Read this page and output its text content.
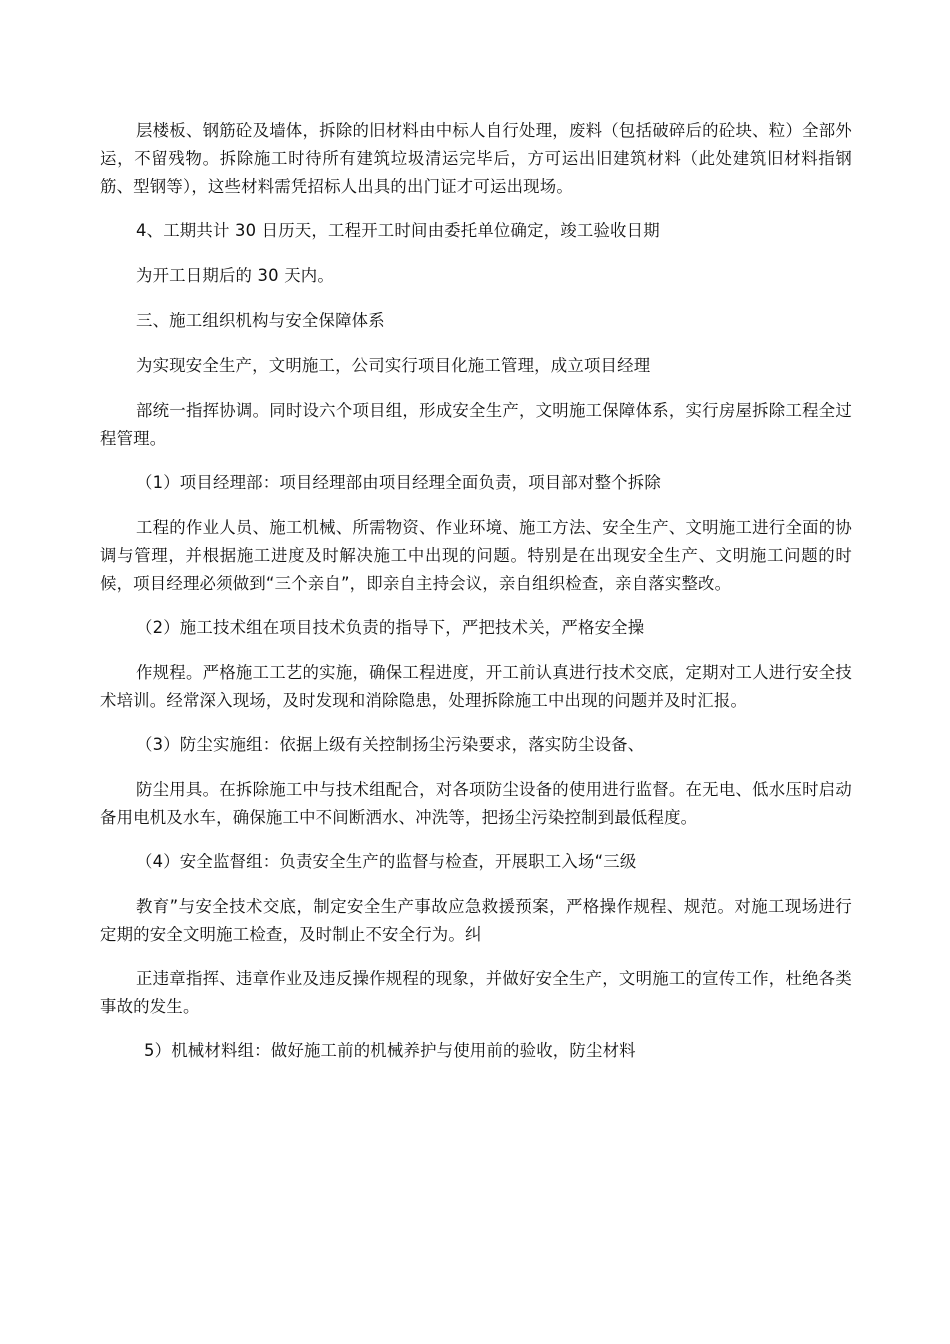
层楼板、钢筋砼及墙体，拆除的旧材料由中标人自行处理，废料（包括破碎后的砼块、粒）全部外运，不留残物。拆除施工时待所有建筑垃圾清运完毕后，方可运出旧建筑材料（此处建筑旧材料指钢筋、型钢等），这些材料需凭招标人出具的出门证才可运出现场。

4、工期共计 30 日历天，工程开工时间由委托单位确定，竣工验收日期

为开工日期后的 30 天内。

三、施工组织机构与安全保障体系

为实现安全生产，文明施工，公司实行项目化施工管理，成立项目经理

部统一指挥协调。同时设六个项目组，形成安全生产，文明施工保障体系，实行房屋拆除工程全过程管理。

（1）项目经理部：项目经理部由项目经理全面负责，项目部对整个拆除

工程的作业人员、施工机械、所需物资、作业环境、施工方法、安全生产、文明施工进行全面的协调与管理，并根据施工进度及时解决施工中出现的问题。特别是在出现安全生产、文明施工问题的时候，项目经理必须做到“三个亲自”，即亲自主持会议，亲自组织检查，亲自落实整改。

（2）施工技术组在项目技术负责的指导下，严把技术关，严格安全操

作规程。严格施工工艺的实施，确保工程进度，开工前认真进行技术交底，定期对工人进行安全技术培训。经常深入现场，及时发现和消除隐患，处理拆除施工中出现的问题并及时汇报。

（3）防尘实施组：依据上级有关控制扬尘污染要求，落实防尘设备、

防尘用具。在拆除施工中与技术组配合，对各项防尘设备的使用进行监督。在无电、低水压时启动备用电机及水车，确保施工中不间断洒水、冲洗等，把扬尘污染控制到最低程度。

（4）安全监督组：负责安全生产的监督与检查，开展职工入场“三级

教育”与安全技术交底，制定安全生产事故应急救援预案，严格操作规程、规范。对施工现场进行定期的安全文明施工检查，及时制止不安全行为。纠

正违章指挥、违章作业及违反操作规程的现象，并做好安全生产，文明施工的宣传工作，杜绝各类事故的发生。

5）机械材料组：做好施工前的机械养护与使用前的验收，防尘材料
